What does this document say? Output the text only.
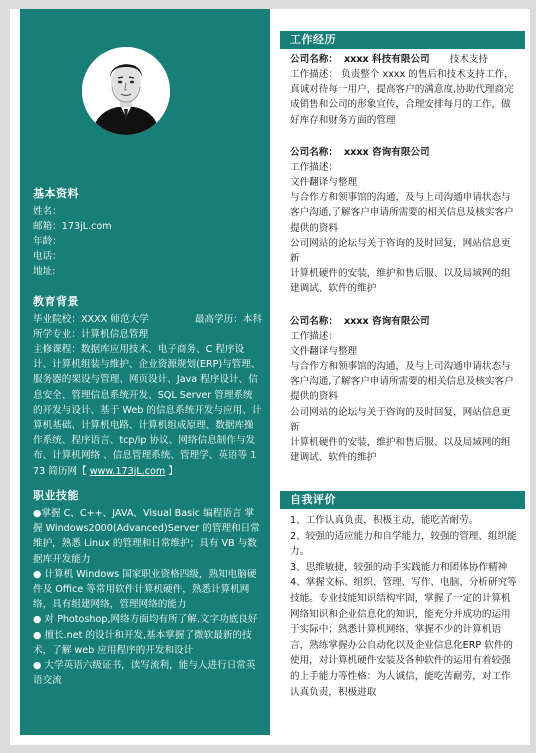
基本资料
姓名：
邮箱：173jL.com
年龄：
电话：
地址:
教育背景
毕业院校：XXXX 师范大学	最高学历：本科
所学专业：计算机信息管理
主修课程：数据库应用技术、电子商务、C 程序设计、计算机组装与维护、企业资源规划(ERP)与管理、服务器的架设与管理、网页设计、Java 程序设计、信息安全、管理信息系统开发、SQL Server 管理系统的开发与设计、基于 Web 的信息系统开发与应用、计算机基础、计算机电路、计算机组成原理、数据库操作系统、程序语言、tcp/ip 协议、网络信息制作与发布、计算机网络 、信息管理系统、管理学、英语等 173 简历网【 www.173jL.com 】
职业技能
●掌握 C、C++、JAVA、Visual Basic 编程语言 掌握 Windows2000(Advanced)Server 的管理和日常维护，熟悉 Linux 的管理和日常维护；具有 VB 与数据库开发能力
● 计算机 Windows 国家职业资格四级，熟知电脑硬件及 Office 等常用软件计算机硬件，熟悉计算机网络，具有组建网络，管理网络的能力
● 对 Photoshop,网络方面均有所了解,文字功底良好
● 擅长.net 的设计和开发,基本掌握了微软最新的技术，了解 web 应用程序的开发和设计
● 大学英语六级证书，读写流利，能与人进行日常英语交流
工作经历
公司名称： xxxx 科技有限公司 技术支持
工作描述： 负责整个 xxxx 的售后和技术支持工作，真诚对待每一用户，提高客户的满意度,协助代理商完成销售和公司的形象宣传，合理安排每月的工作，做好库存和财务方面的管理
公司名称： xxxx 咨询有限公司
工作描述：
文件翻译与整理
与合作方和领事馆的沟通，及与上司沟通申请状态与客户沟通,了解客户申请所需要的相关信息及核实客户提供的资料
公司网站的论坛与关于咨询的及时回复，网站信息更新
计算机硬件的安装，维护和售后服、以及局域网的组建调试、软件的维护
公司名称： xxxx 咨询有限公司
工作描述：
文件翻译与整理
与合作方和领事馆的沟通，及与上司沟通申请状态与客户沟通,了解客户申请所需要的相关信息及核实客户提供的资料
公司网站的论坛与关于咨询的及时回复，网站信息更新
计算机硬件的安装，维护和售后服、以及局域网的组建调试、软件的维护
自我评价
1、工作认真负责，积极主动，能吃苦耐劳。
2、较强的适应能力和自学能力，较强的管理、组织能力。
3、思维敏捷，较强的动手实践能力和团体协作精神
4、掌握文标、组织、管理、写作、电脑、分析研究等技能。专业技能知识结构牢固，掌握了一定的计算机网络知识和企业信息化的知识，能充分并成功的运用于实际中；熟悉计算机网络、掌握不少的计算机语言，熟练掌握办公自动化以及企业信息化ERP 软件的使用，对计算机硬件安装及各种软件的运用有着较强的上手能力等性格：为人诚信，能吃苦耐劳，对工作认真负责，积极进取
